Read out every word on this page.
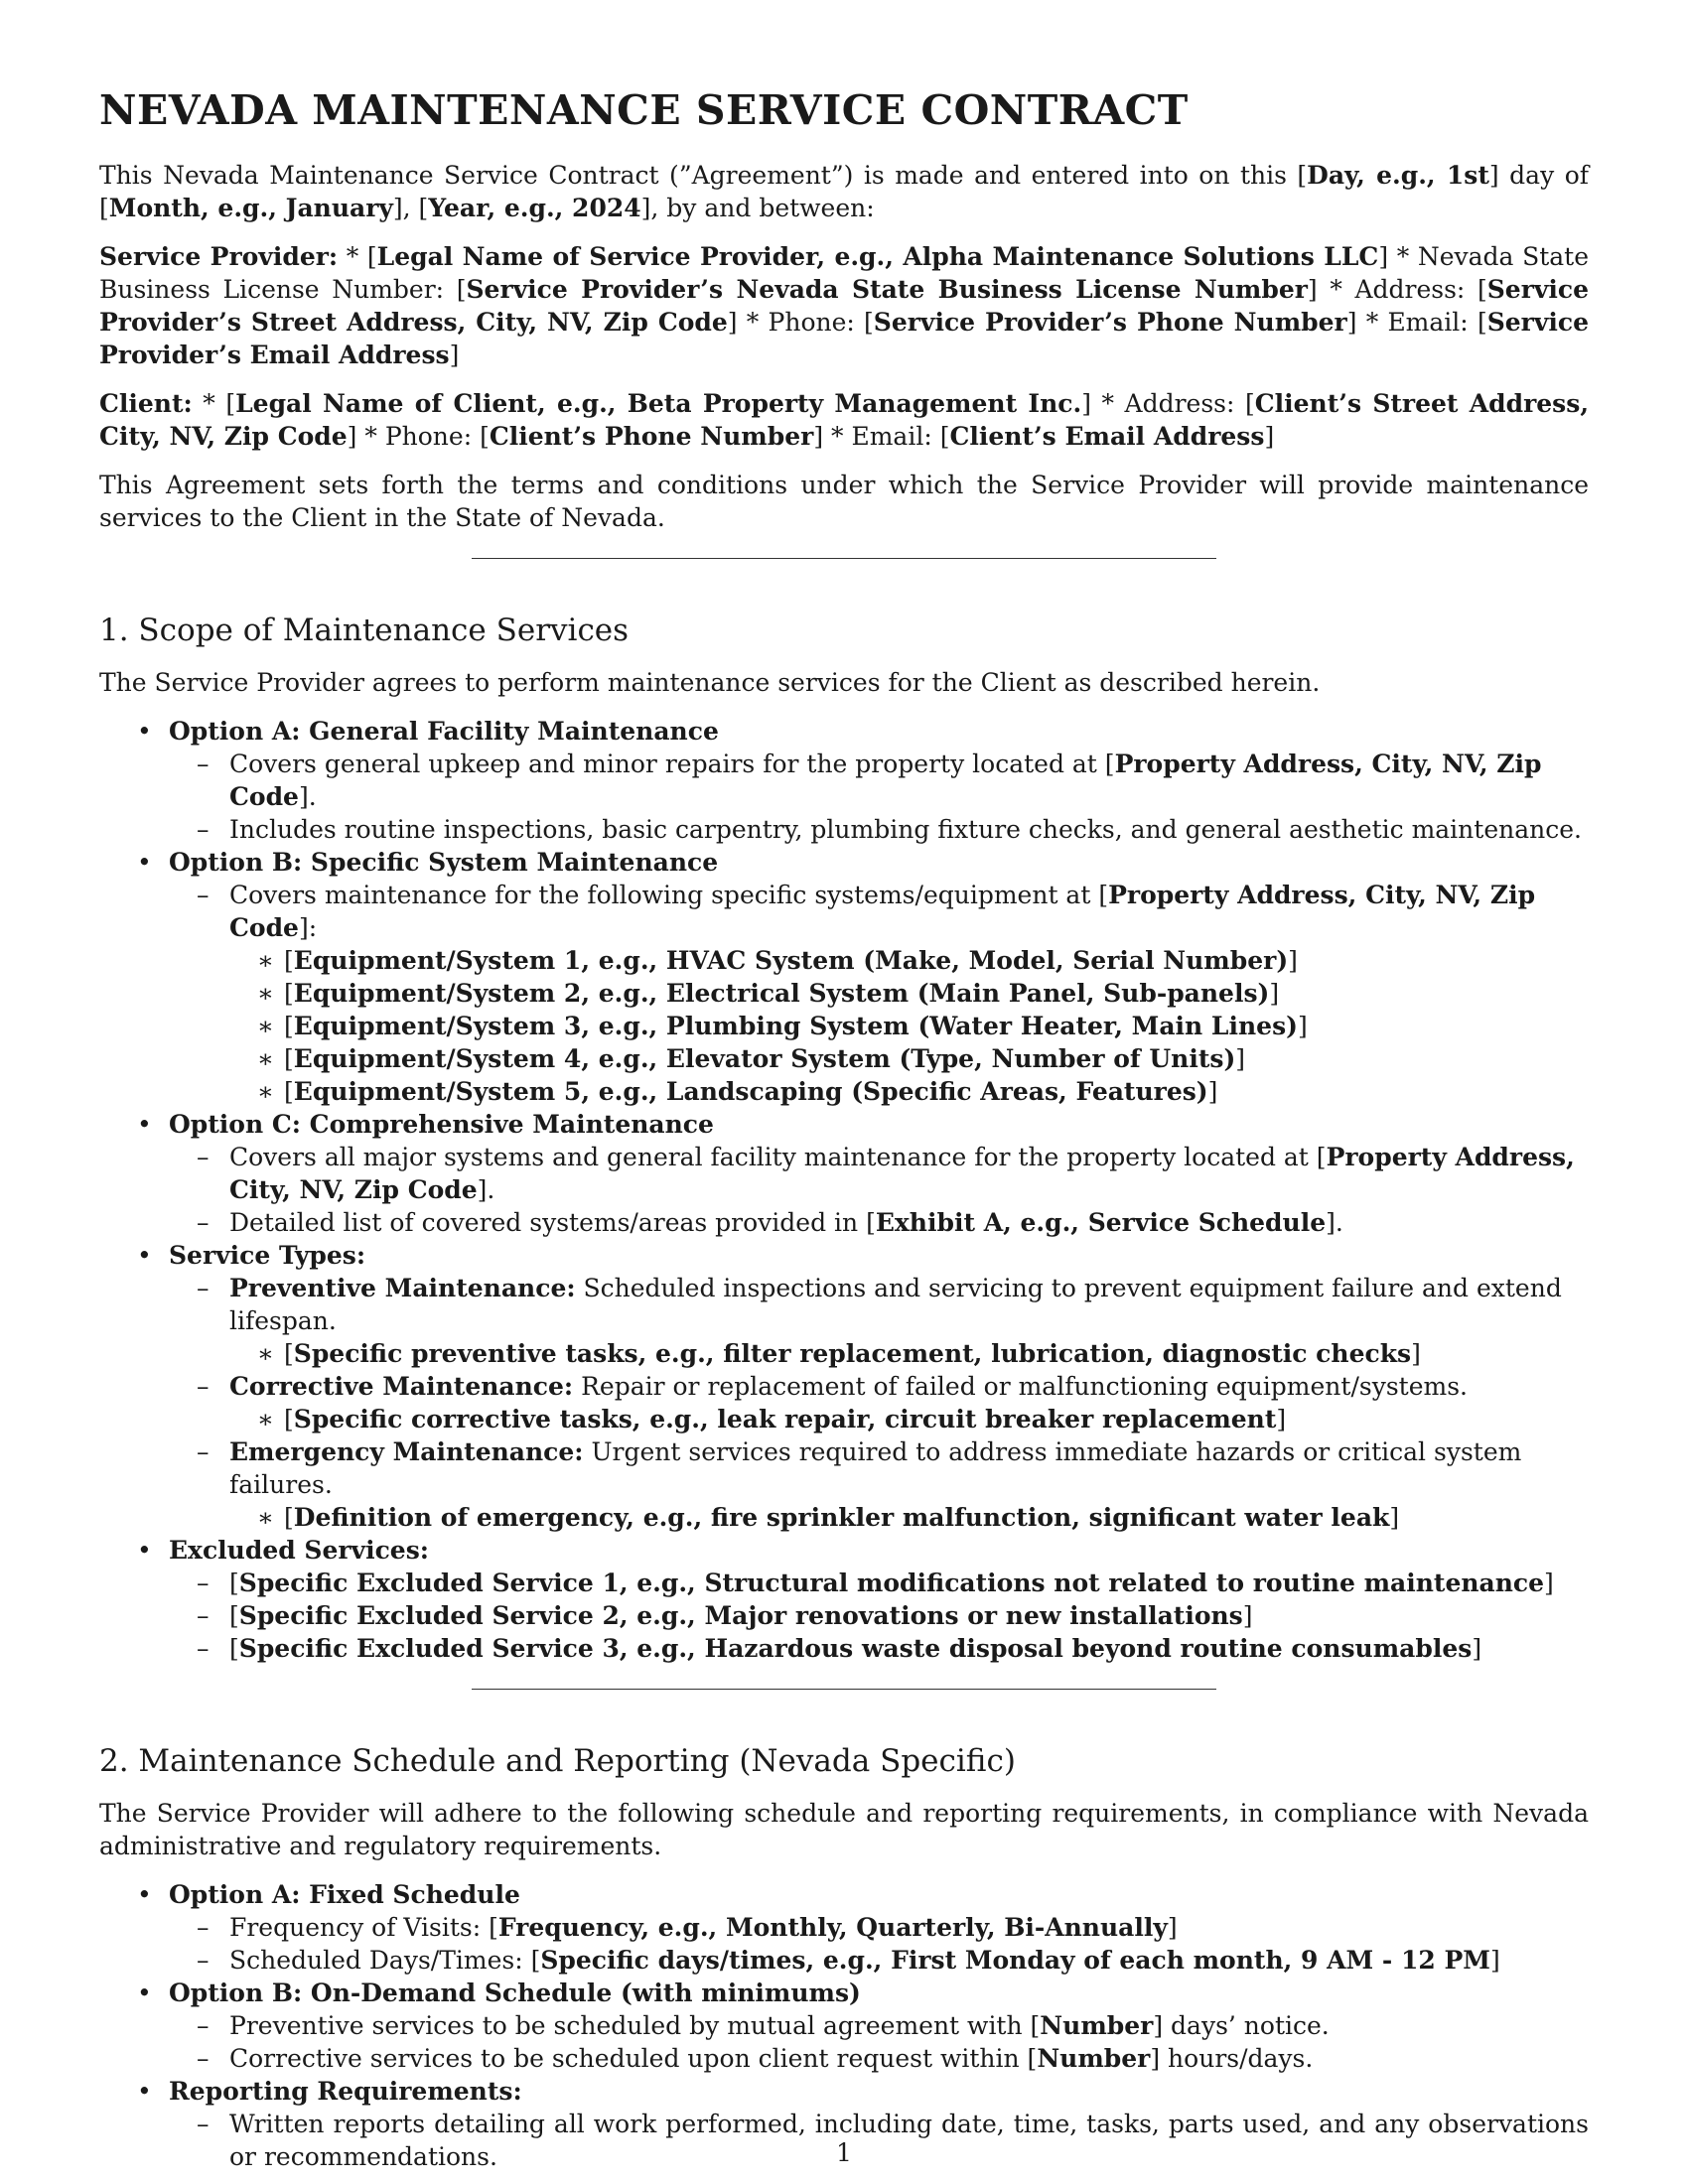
NEVADA MAINTENANCE SERVICE CONTRACT

This Nevada Maintenance Service Contract (”Agreement”) is made and entered into on this [Day, e.g., 1st] day of [Month, e.g., January], [Year, e.g., 2024], by and between:

Service Provider: * [Legal Name of Service Provider, e.g., Alpha Maintenance Solutions LLC] * Nevada State Business License Number: [Service Provider’s Nevada State Business License Number] * Address: [Service Provider’s Street Address, City, NV, Zip Code] * Phone: [Service Provider’s Phone Number] * Email: [Service Provider’s Email Address]

Client: * [Legal Name of Client, e.g., Beta Property Management Inc.] * Address: [Client’s Street Address, City, NV, Zip Code] * Phone: [Client’s Phone Number] * Email: [Client’s Email Address]

This Agreement sets forth the terms and conditions under which the Service Provider will provide maintenance services to the Client in the State of Nevada.

1. Scope of Maintenance Services

The Service Provider agrees to perform maintenance services for the Client as described herein.

• Option A: General Facility Maintenance
– Covers general upkeep and minor repairs for the property located at [Property Address, City, NV, Zip Code].
– Includes routine inspections, basic carpentry, plumbing fixture checks, and general aesthetic maintenance.
• Option B: Specific System Maintenance
– Covers maintenance for the following specific systems/equipment at [Property Address, City, NV, Zip Code]:
∗ [Equipment/System 1, e.g., HVAC System (Make, Model, Serial Number)]
∗ [Equipment/System 2, e.g., Electrical System (Main Panel, Sub-panels)]
∗ [Equipment/System 3, e.g., Plumbing System (Water Heater, Main Lines)]
∗ [Equipment/System 4, e.g., Elevator System (Type, Number of Units)]
∗ [Equipment/System 5, e.g., Landscaping (Specific Areas, Features)]
• Option C: Comprehensive Maintenance
– Covers all major systems and general facility maintenance for the property located at [Property Address, City, NV, Zip Code].
– Detailed list of covered systems/areas provided in [Exhibit A, e.g., Service Schedule].
• Service Types:
– Preventive Maintenance: Scheduled inspections and servicing to prevent equipment failure and extend lifespan.
∗ [Specific preventive tasks, e.g., filter replacement, lubrication, diagnostic checks]
– Corrective Maintenance: Repair or replacement of failed or malfunctioning equipment/systems.
∗ [Specific corrective tasks, e.g., leak repair, circuit breaker replacement]
– Emergency Maintenance: Urgent services required to address immediate hazards or critical system failures.
∗ [Definition of emergency, e.g., fire sprinkler malfunction, significant water leak]
• Excluded Services:
– [Specific Excluded Service 1, e.g., Structural modifications not related to routine maintenance]
– [Specific Excluded Service 2, e.g., Major renovations or new installations]
– [Specific Excluded Service 3, e.g., Hazardous waste disposal beyond routine consumables]
2. Maintenance Schedule and Reporting (Nevada Specific)

The Service Provider will adhere to the following schedule and reporting requirements, in compliance with Nevada administrative and regulatory requirements.

• Option A: Fixed Schedule
– Frequency of Visits: [Frequency, e.g., Monthly, Quarterly, Bi-Annually]
– Scheduled Days/Times: [Specific days/times, e.g., First Monday of each month, 9 AM - 12 PM]
• Option B: On-Demand Schedule (with minimums)
– Preventive services to be scheduled by mutual agreement with [Number] days’ notice.
– Corrective services to be scheduled upon client request within [Number] hours/days.
• Reporting Requirements:
– Written reports detailing all work performed, including date, time, tasks, parts used, and any observations or recommendations.	1
